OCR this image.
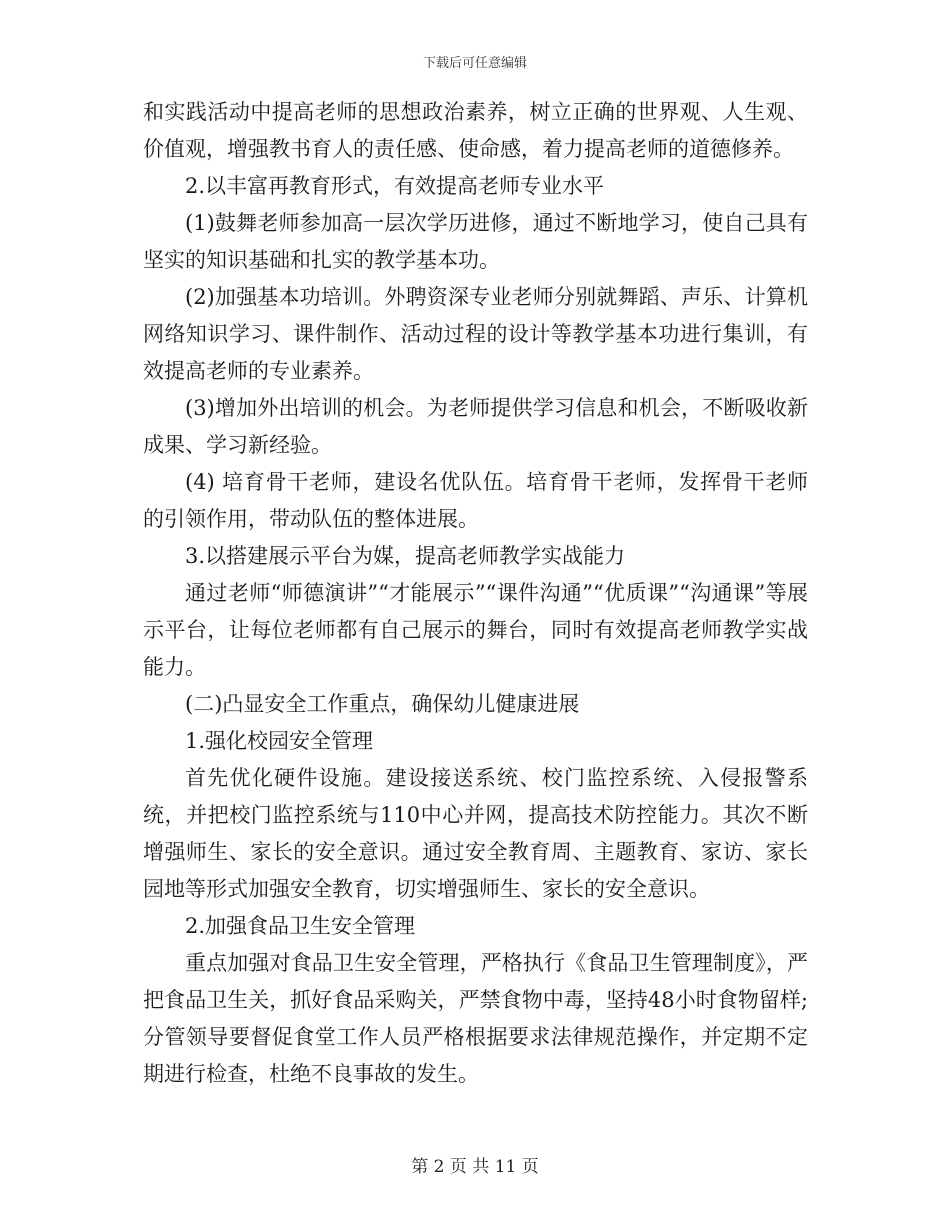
下载后可任意编辑

和实践活动中提高老师的思想政治素养，树立正确的世界观、人生观、价值观，增强教书育人的责任感、使命感，着力提高老师的道德修养。

2.以丰富再教育形式，有效提高老师专业水平

(1)鼓舞老师参加高一层次学历进修，通过不断地学习，使自己具有坚实的知识基础和扎实的教学基本功。

(2)加强基本功培训。外聘资深专业老师分别就舞蹈、声乐、计算机网络知识学习、课件制作、活动过程的设计等教学基本功进行集训，有效提高老师的专业素养。

(3)增加外出培训的机会。为老师提供学习信息和机会，不断吸收新成果、学习新经验。

(4) 培育骨干老师，建设名优队伍。培育骨干老师，发挥骨干老师的引领作用，带动队伍的整体进展。

3.以搭建展示平台为媒，提高老师教学实战能力

通过老师“师德演讲”“才能展示”“课件沟通”“优质课”“沟通课”等展示平台，让每位老师都有自己展示的舞台，同时有效提高老师教学实战能力。

(二)凸显安全工作重点，确保幼儿健康进展

1.强化校园安全管理

首先优化硬件设施。建设接送系统、校门监控系统、入侵报警系统，并把校门监控系统与110中心并网，提高技术防控能力。其次不断增强师生、家长的安全意识。通过安全教育周、主题教育、家访、家长园地等形式加强安全教育，切实增强师生、家长的安全意识。

2.加强食品卫生安全管理

重点加强对食品卫生安全管理，严格执行《食品卫生管理制度》，严把食品卫生关，抓好食品采购关，严禁食物中毒，坚持48小时食物留样;分管领导要督促食堂工作人员严格根据要求法律规范操作，并定期不定期进行检查，杜绝不良事故的发生。

第 2 页 共 11 页
